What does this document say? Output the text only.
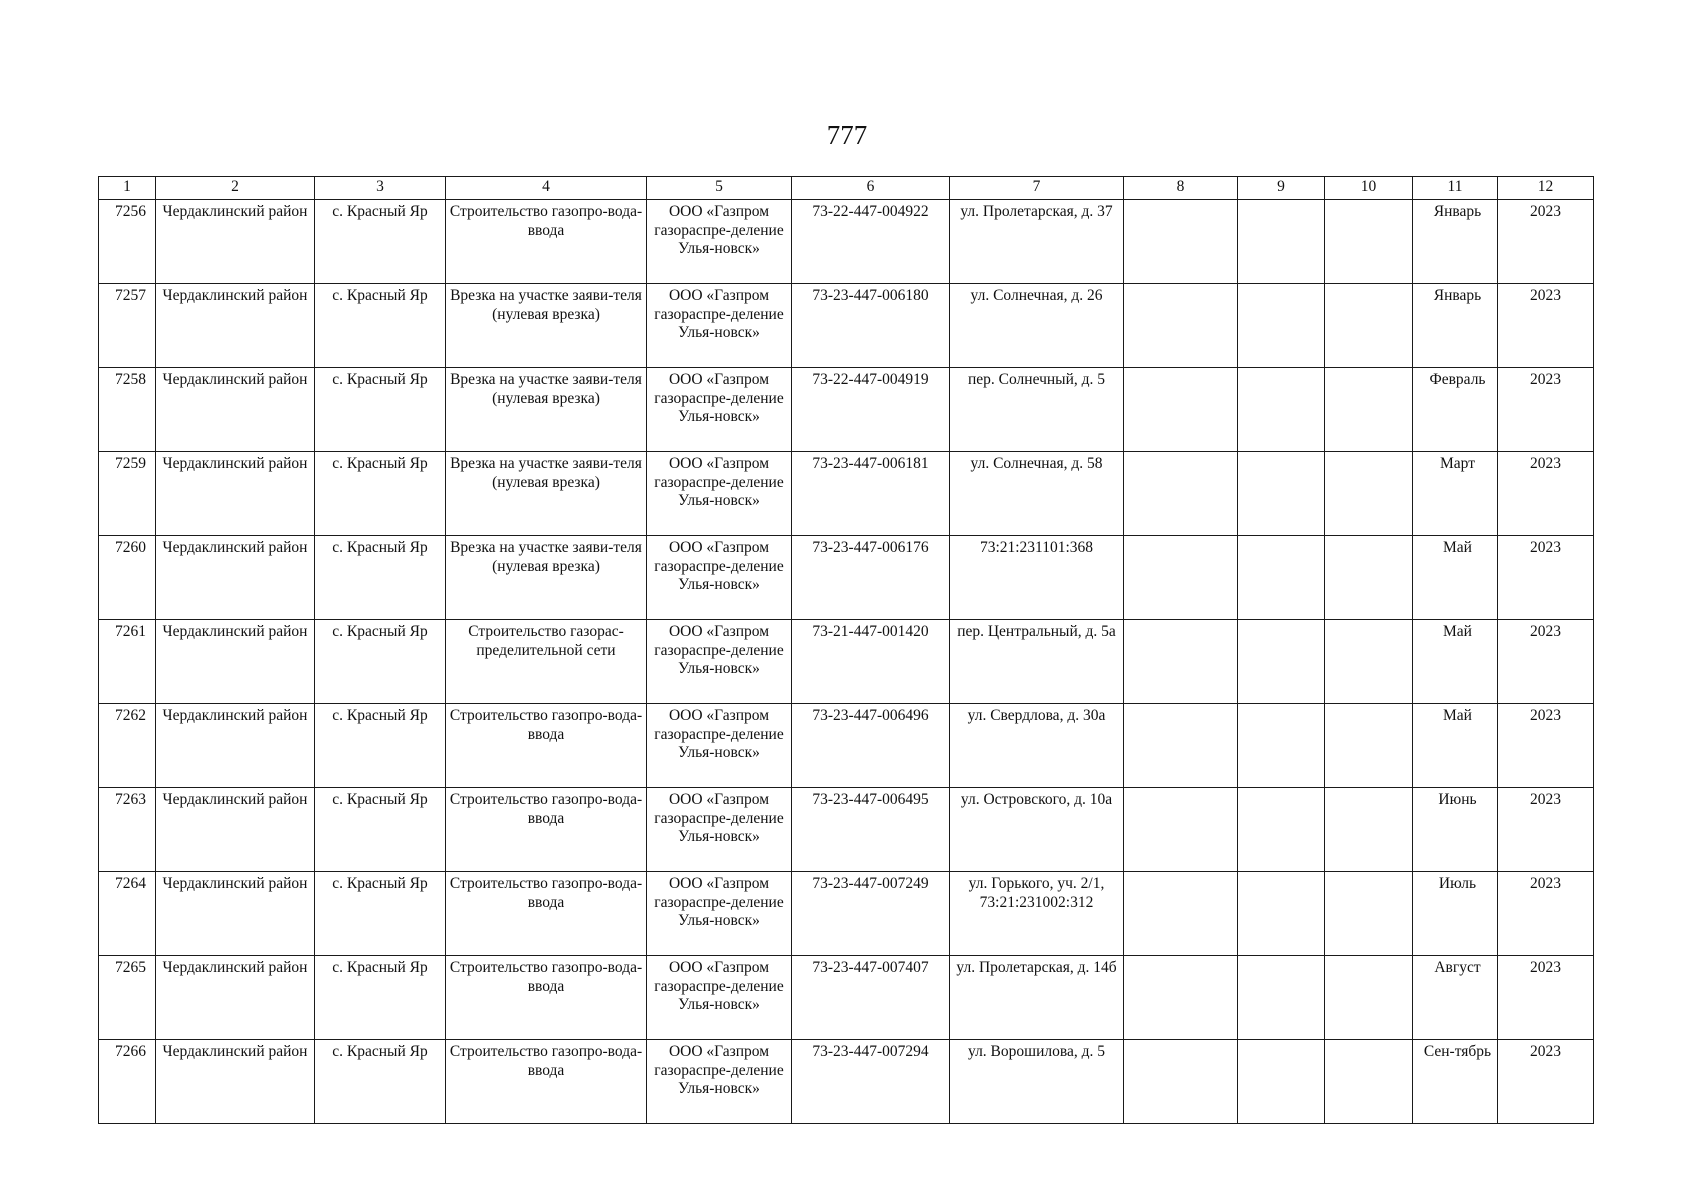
777
1	2	3	4	5	6	7	8	9	10	11	12
7256	Чердаклинский район	с. Красный Яр	Строительство газопро-вода-ввода	ООО «Газпром газораспре-деление Улья-новск»	73-22-447-004922	ул. Пролетарская, д. 37				Январь	2023
7257	Чердаклинский район	с. Красный Яр	Врезка на участке заяви-теля (нулевая врезка)	ООО «Газпром газораспре-деление Улья-новск»	73-23-447-006180	ул. Солнечная, д. 26				Январь	2023
7258	Чердаклинский район	с. Красный Яр	Врезка на участке заяви-теля (нулевая врезка)	ООО «Газпром газораспре-деление Улья-новск»	73-22-447-004919	пер. Солнечный, д. 5				Февраль	2023
7259	Чердаклинский район	с. Красный Яр	Врезка на участке заяви-теля (нулевая врезка)	ООО «Газпром газораспре-деление Улья-новск»	73-23-447-006181	ул. Солнечная, д. 58				Март	2023
7260	Чердаклинский район	с. Красный Яр	Врезка на участке заяви-теля (нулевая врезка)	ООО «Газпром газораспре-деление Улья-новск»	73-23-447-006176	73:21:231101:368				Май	2023
7261	Чердаклинский район	с. Красный Яр	Строительство газорас-пределительной сети	ООО «Газпром газораспре-деление Улья-новск»	73-21-447-001420	пер. Центральный, д. 5а				Май	2023
7262	Чердаклинский район	с. Красный Яр	Строительство газопро-вода-ввода	ООО «Газпром газораспре-деление Улья-новск»	73-23-447-006496	ул. Свердлова, д. 30а				Май	2023
7263	Чердаклинский район	с. Красный Яр	Строительство газопро-вода-ввода	ООО «Газпром газораспре-деление Улья-новск»	73-23-447-006495	ул. Островского, д. 10а				Июнь	2023
7264	Чердаклинский район	с. Красный Яр	Строительство газопро-вода-ввода	ООО «Газпром газораспре-деление Улья-новск»	73-23-447-007249	ул. Горького, уч. 2/1, 73:21:231002:312				Июль	2023
7265	Чердаклинский район	с. Красный Яр	Строительство газопро-вода-ввода	ООО «Газпром газораспре-деление Улья-новск»	73-23-447-007407	ул. Пролетарская, д. 14б				Август	2023
7266	Чердаклинский район	с. Красный Яр	Строительство газопро-вода-ввода	ООО «Газпром газораспре-деление Улья-новск»	73-23-447-007294	ул. Ворошилова, д. 5				Сен-тябрь	2023
